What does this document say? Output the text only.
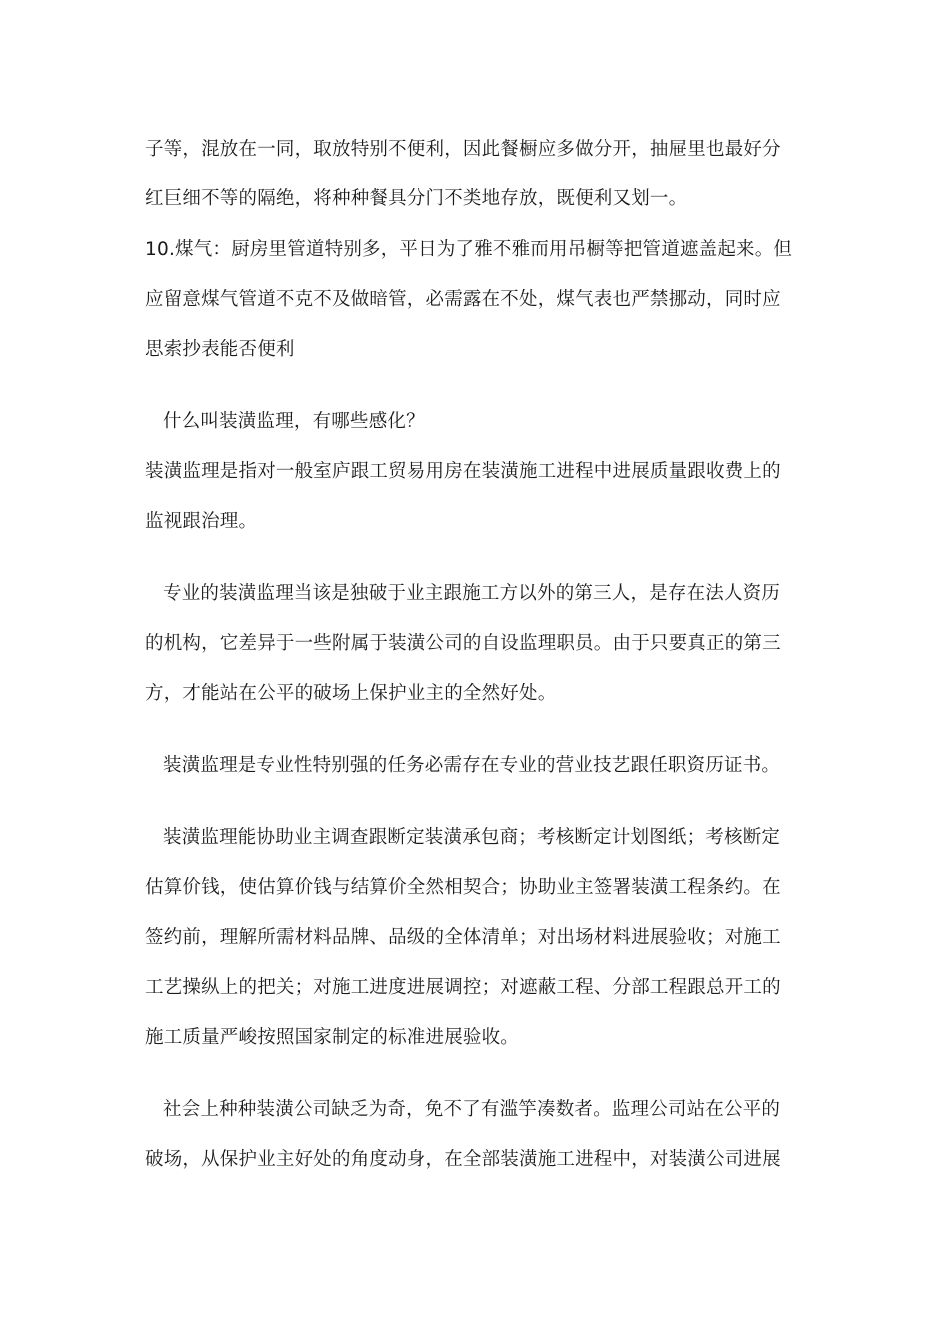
子等，混放在一同，取放特别不便利，因此餐橱应多做分开，抽屉里也最好分
红巨细不等的隔绝，将种种餐具分门不类地存放，既便利又划一。
10.煤气：厨房里管道特别多，平日为了雅不雅而用吊橱等把管道遮盖起来。但
应留意煤气管道不克不及做暗管，必需露在不处，煤气表也严禁挪动，同时应
思索抄表能否便利
什么叫装潢监理，有哪些感化？
装潢监理是指对一般室庐跟工贸易用房在装潢施工进程中进展质量跟收费上的
监视跟治理。
专业的装潢监理当该是独破于业主跟施工方以外的第三人，是存在法人资历
的机构，它差异于一些附属于装潢公司的自设监理职员。由于只要真正的第三
方，才能站在公平的破场上保护业主的全然好处。
装潢监理是专业性特别强的任务必需存在专业的营业技艺跟任职资历证书。
装潢监理能协助业主调查跟断定装潢承包商；考核断定计划图纸；考核断定
估算价钱，使估算价钱与结算价全然相契合；协助业主签署装潢工程条约。在
签约前，理解所需材料品牌、品级的全体清单；对出场材料进展验收；对施工
工艺操纵上的把关；对施工进度进展调控；对遮蔽工程、分部工程跟总开工的
施工质量严峻按照国家制定的标准进展验收。
社会上种种装潢公司缺乏为奇，免不了有滥竽凑数者。监理公司站在公平的
破场，从保护业主好处的角度动身，在全部装潢施工进程中，对装潢公司进展
